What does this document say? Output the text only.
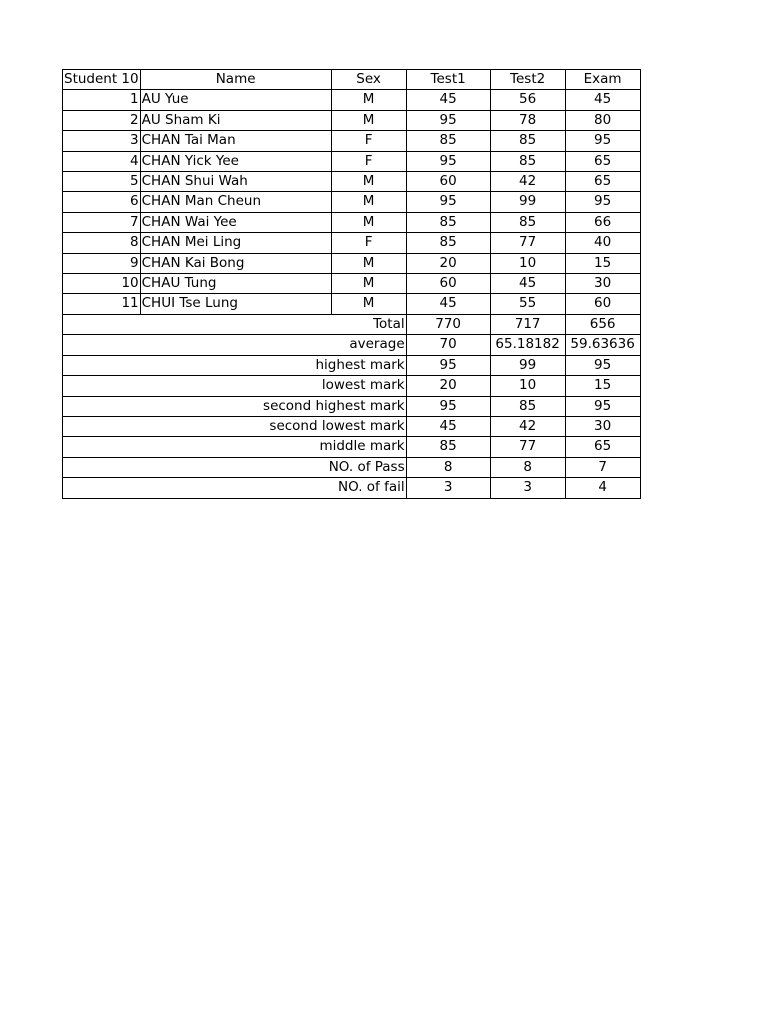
Student 10	Name	Sex	Test1	Test2	Exam
1	AU Yue	M	45	56	45
2	AU Sham Ki	M	95	78	80
3	CHAN Tai Man	F	85	85	95
4	CHAN Yick Yee	F	95	85	65
5	CHAN Shui Wah	M	60	42	65
6	CHAN Man Cheun	M	95	99	95
7	CHAN Wai Yee	M	85	85	66
8	CHAN Mei Ling	F	85	77	40
9	CHAN Kai Bong	M	20	10	15
10	CHAU Tung	M	60	45	30
11	CHUI Tse Lung	M	45	55	60
Total			770	717	656
average			70	65.18182	59.63636
highest mark			95	99	95
lowest mark			20	10	15
second highest mark			95	85	95
second lowest mark			45	42	30
middle mark			85	77	65
NO. of Pass			8	8	7
NO. of fail			3	3	4
